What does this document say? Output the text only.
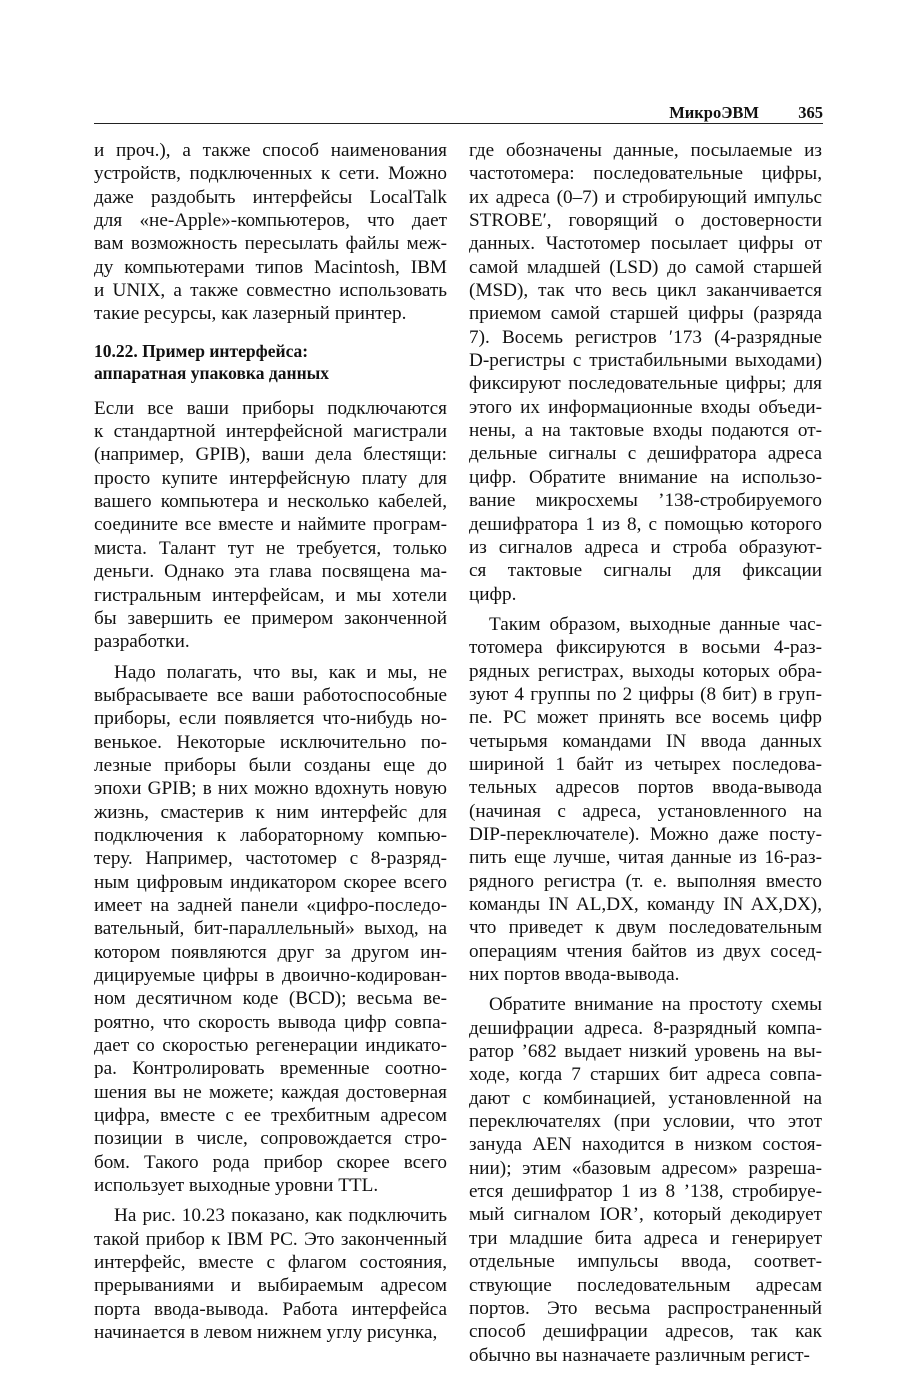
МикроЭВМ 365
и проч.), а также способ наименования
устройств, подключенных к сети. Можно
даже раздобыть интерфейсы LocalTalk
для «не-Apple»-компьютеров, что дает
вам возможность пересылать файлы меж-
ду компьютерами типов Macintosh, IBM
и UNIX, а также совместно использовать
такие ресурсы, как лазерный принтер.
10.22. Пример интерфейса:
аппаратная упаковка данных
Если все ваши приборы подключаются
к стандартной интерфейсной магистрали
(например, GPIB), ваши дела блестящи:
просто купите интерфейсную плату для
вашего компьютера и несколько кабелей,
соедините все вместе и наймите програм-
миста. Талант тут не требуется, только
деньги. Однако эта глава посвящена ма-
гистральным интерфейсам, и мы хотели
бы завершить ее примером законченной
разработки.
Надо полагать, что вы, как и мы, не
выбрасываете все ваши работоспособные
приборы, если появляется что-нибудь но-
венькое. Некоторые исключительно по-
лезные приборы были созданы еще до
эпохи GPIB; в них можно вдохнуть новую
жизнь, смастерив к ним интерфейс для
подключения к лабораторному компью-
теру. Например, частотомер с 8-разряд-
ным цифровым индикатором скорее всего
имеет на задней панели «цифро-последо-
вательный, бит-параллельный» выход, на
котором появляются друг за другом ин-
дицируемые цифры в двоично-кодирован-
ном десятичном коде (BCD); весьма ве-
роятно, что скорость вывода цифр совпа-
дает со скоростью регенерации индикато-
ра. Контролировать временные соотно-
шения вы не можете; каждая достоверная
цифра, вместе с ее трехбитным адресом
позиции в числе, сопровождается стро-
бом. Такого рода прибор скорее всего
использует выходные уровни TTL.
На рис. 10.23 показано, как подключить
такой прибор к IBM PC. Это законченный
интерфейс, вместе с флагом состояния,
прерываниями и выбираемым адресом
порта ввода-вывода. Работа интерфейса
начинается в левом нижнем углу рисунка,
где обозначены данные, посылаемые из
частотомера: последовательные цифры,
их адреса (0–7) и стробирующий импульс
STROBE′, говорящий о достоверности
данных. Частотомер посылает цифры от
самой младшей (LSD) до самой старшей
(MSD), так что весь цикл заканчивается
приемом самой старшей цифры (разряда
7). Восемь регистров ′173 (4-разрядные
D-регистры с тристабильными выходами)
фиксируют последовательные цифры; для
этого их информационные входы объеди-
нены, а на тактовые входы подаются от-
дельные сигналы с дешифратора адреса
цифр. Обратите внимание на использо-
вание микросхемы ’138-стробируемого
дешифратора 1 из 8, с помощью которого
из сигналов адреса и строба образуют-
ся тактовые сигналы для фиксации
цифр.
Таким образом, выходные данные час-
тотомера фиксируются в восьми 4-раз-
рядных регистрах, выходы которых обра-
зуют 4 группы по 2 цифры (8 бит) в груп-
пе. PC может принять все восемь цифр
четырьмя командами IN ввода данных
шириной 1 байт из четырех последова-
тельных адресов портов ввода-вывода
(начиная с адреса, установленного на
DIP-переключателе). Можно даже посту-
пить еще лучше, читая данные из 16-раз-
рядного регистра (т. е. выполняя вместо
команды IN AL,DX, команду IN AX,DX),
что приведет к двум последовательным
операциям чтения байтов из двух сосед-
них портов ввода-вывода.
Обратите внимание на простоту схемы
дешифрации адреса. 8-разрядный компа-
ратор ’682 выдает низкий уровень на вы-
ходе, когда 7 старших бит адреса совпа-
дают с комбинацией, установленной на
переключателях (при условии, что этот
зануда AEN находится в низком состоя-
нии); этим «базовым адресом» разреша-
ется дешифратор 1 из 8 ’138, стробируе-
мый сигналом IOR’, который декодирует
три младшие бита адреса и генерирует
отдельные импульсы ввода, соответ-
ствующие последовательным адресам
портов. Это весьма распространенный
способ дешифрации адресов, так как
обычно вы назначаете различным регист-
